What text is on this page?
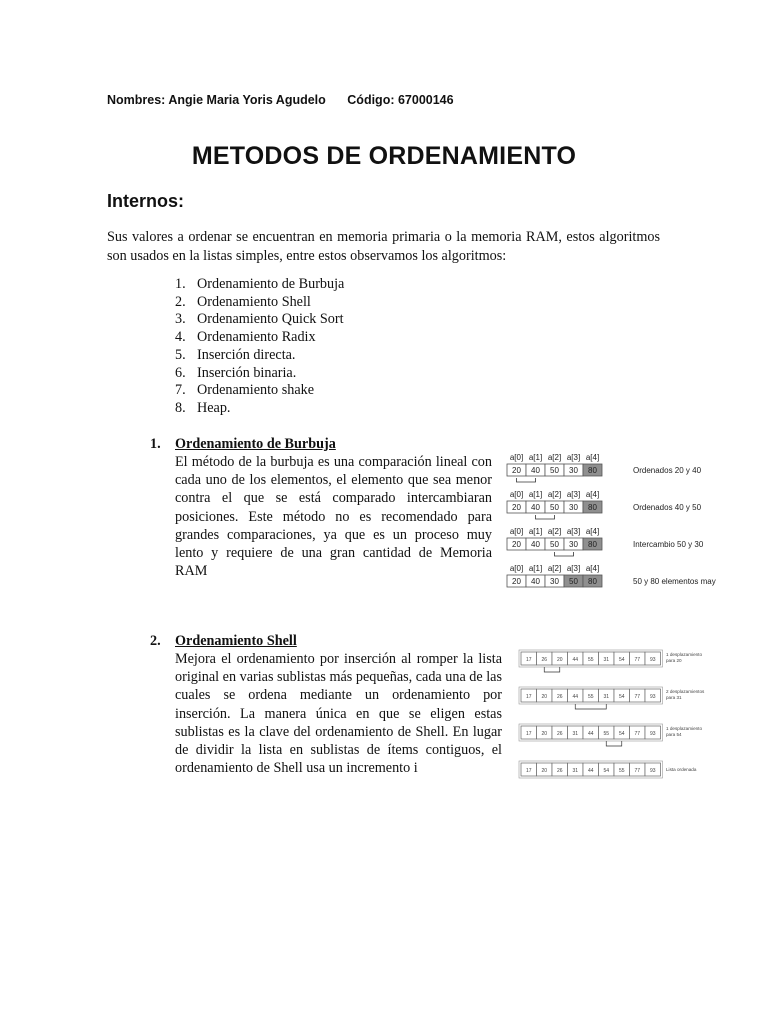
Nombres: Angie Maria Yoris Agudelo Código: 67000146
METODOS DE ORDENAMIENTO
Internos:

Sus valores a ordenar se encuentran en memoria primaria o la memoria RAM, estos algoritmos son usados en la listas simples, entre estos observamos los algoritmos:

1. Ordenamiento de Burbuja
2. Ordenamiento Shell
3. Ordenamiento Quick Sort
4. Ordenamiento Radix
5. Inserción directa.
6. Inserción binaria.
7. Ordenamiento shake
8. Heap.
1. Ordenamiento de Burbuja
El método de la burbuja es una comparación lineal con cada uno de los elementos, el elemento que sea menor contra el que se está comparado intercambiaran posiciones. Este método no es recomendado para grandes comparaciones, ya que es un proceso muy lento y requiere de una gran cantidad de Memoria RAM
a[0] a[1] a[2] a[3] a[4]
20 40 50 30 80	Ordenados 20 y 40
a[0] a[1] a[2] a[3] a[4]
20 40 50 30 80	Ordenados 40 y 50
a[0] a[1] a[2] a[3] a[4]
20 40 50 30 80	Intercambio 50 y 30
a[0] a[1] a[2] a[3] a[4]
20 40 30 50 80	50 y 80 elementos may
2. Ordenamiento Shell
Mejora el ordenamiento por inserción al romper la lista original en varias sublistas más pequeñas, cada una de las cuales se ordena mediante un ordenamiento por inserción. La manera única en que se eligen estas sublistas es la clave del ordenamiento de Shell. En lugar de dividir la lista en sublistas de ítems contiguos, el ordenamiento de Shell usa un incremento i
17 26 20 44 55 31 54 77 93
1 desplazamiento
para 20
17 20 26 44 55 31 54 77 93
2 desplazamientos
para 31
17 20 26 31 44 55 54 77 93
1 desplazamiento
para 54
17 20 26 31 44 54 55 77 93 Lista ordenada
